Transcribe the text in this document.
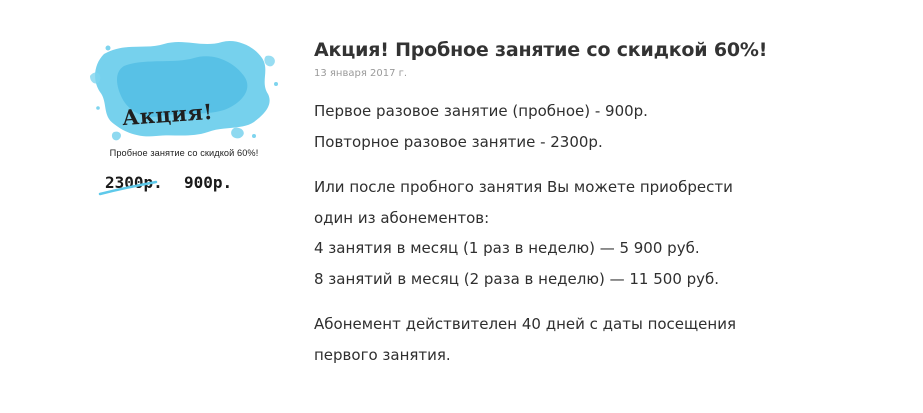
Акция!
Пробное занятие со скидкой 60%!
2300р. 900р.
Акция! Пробное занятие со скидкой 60%!
13 января 2017 г.

Первое разовое занятие (пробное) - 900р.

Повторное разовое занятие - 2300р.

Или после пробного занятия Вы можете приобрести

один из абонементов:

4 занятия в месяц (1 раз в неделю) — 5 900 руб.

8 занятий в месяц (2 раза в неделю) — 11 500 руб.

Абонемент действителен 40 дней с даты посещения

первого занятия.
